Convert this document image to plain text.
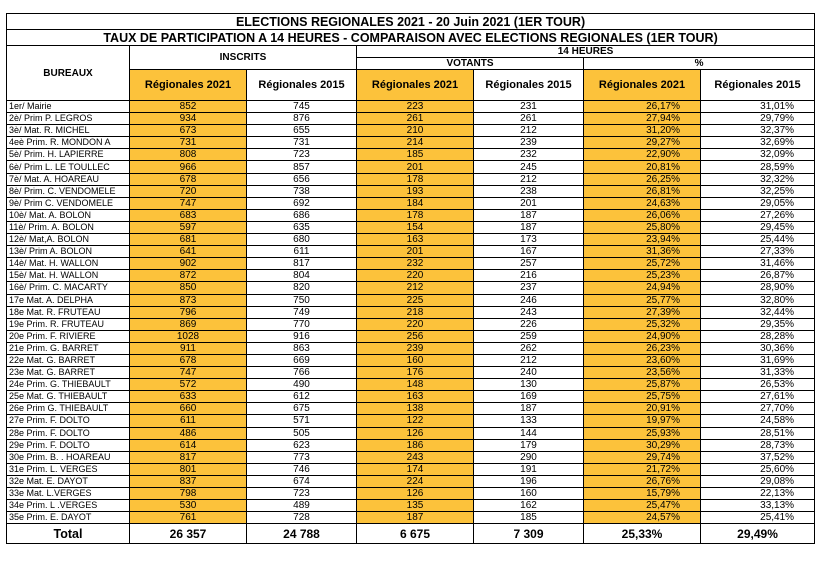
ELECTIONS REGIONALES 2021 - 20 Juin 2021 (1ER TOUR)						
TAUX DE PARTICIPATION A 14 HEURES - COMPARAISON AVEC ELECTIONS REGIONALES (1ER TOUR)						
BUREAUX	INSCRITS		14 HEURES			
			VOTANTS		%	
	Régionales 2021	Régionales 2015	Régionales 2021	Régionales 2015	Régionales 2021	Régionales 2015
1er/ Mairie	852	745	223	231	26,17%	31,01%
2è/ Prim P. LEGROS	934	876	261	261	27,94%	29,79%
3è/ Mat. R. MICHEL	673	655	210	212	31,20%	32,37%
4eè Prim. R. MONDON A	731	731	214	239	29,27%	32,69%
5è/ Prim. H. LAPIERRE	808	723	185	232	22,90%	32,09%
6è/ Prim L. LE TOULLEC	966	857	201	245	20,81%	28,59%
7è/ Mat. A. HOAREAU	678	656	178	212	26,25%	32,32%
8è/ Prim. C. VENDOMELE	720	738	193	238	26,81%	32,25%
9è/ Prim C. VENDOMELE	747	692	184	201	24,63%	29,05%
10è/ Mat. A. BOLON	683	686	178	187	26,06%	27,26%
11è/ Prim. A. BOLON	597	635	154	187	25,80%	29,45%
12è/ Mat,A. BOLON	681	680	163	173	23,94%	25,44%
13è/ Prim A. BOLON	641	611	201	167	31,36%	27,33%
14è/ Mat. H. WALLON	902	817	232	257	25,72%	31,46%
15è/ Mat. H. WALLON	872	804	220	216	25,23%	26,87%
16è/ Prim. C. MACARTY	850	820	212	237	24,94%	28,90%
17e Mat. A. DELPHA	873	750	225	246	25,77%	32,80%
18e Mat. R. FRUTEAU	796	749	218	243	27,39%	32,44%
19e Prim. R. FRUTEAU	869	770	220	226	25,32%	29,35%
20e Prim. F. RIVIERE	1028	916	256	259	24,90%	28,28%
21e Prim. G. BARRET	911	863	239	262	26,23%	30,36%
22e Mat. G. BARRET	678	669	160	212	23,60%	31,69%
23e Mat. G. BARRET	747	766	176	240	23,56%	31,33%
24e Prim. G. THIEBAULT	572	490	148	130	25,87%	26,53%
25e Mat. G. THIEBAULT	633	612	163	169	25,75%	27,61%
26e Prim G. THIEBAULT	660	675	138	187	20,91%	27,70%
27e Prim. F. DOLTO	611	571	122	133	19,97%	24,58%
28e Prim. F. DOLTO	486	505	126	144	25,93%	28,51%
29e Prim. F. DOLTO	614	623	186	179	30,29%	28,73%
30e Prim. B. . HOAREAU	817	773	243	290	29,74%	37,52%
31e Prim. L. VERGES	801	746	174	191	21,72%	25,60%
32e Mat. E. DAYOT	837	674	224	196	26,76%	29,08%
33e Mat. L.VERGES	798	723	126	160	15,79%	22,13%
34e Prim. L .VERGES	530	489	135	162	25,47%	33,13%
35e Prim. E. DAYOT	761	728	187	185	24,57%	25,41%
Total	26 357	24 788	6 675	7 309	25,33%	29,49%
